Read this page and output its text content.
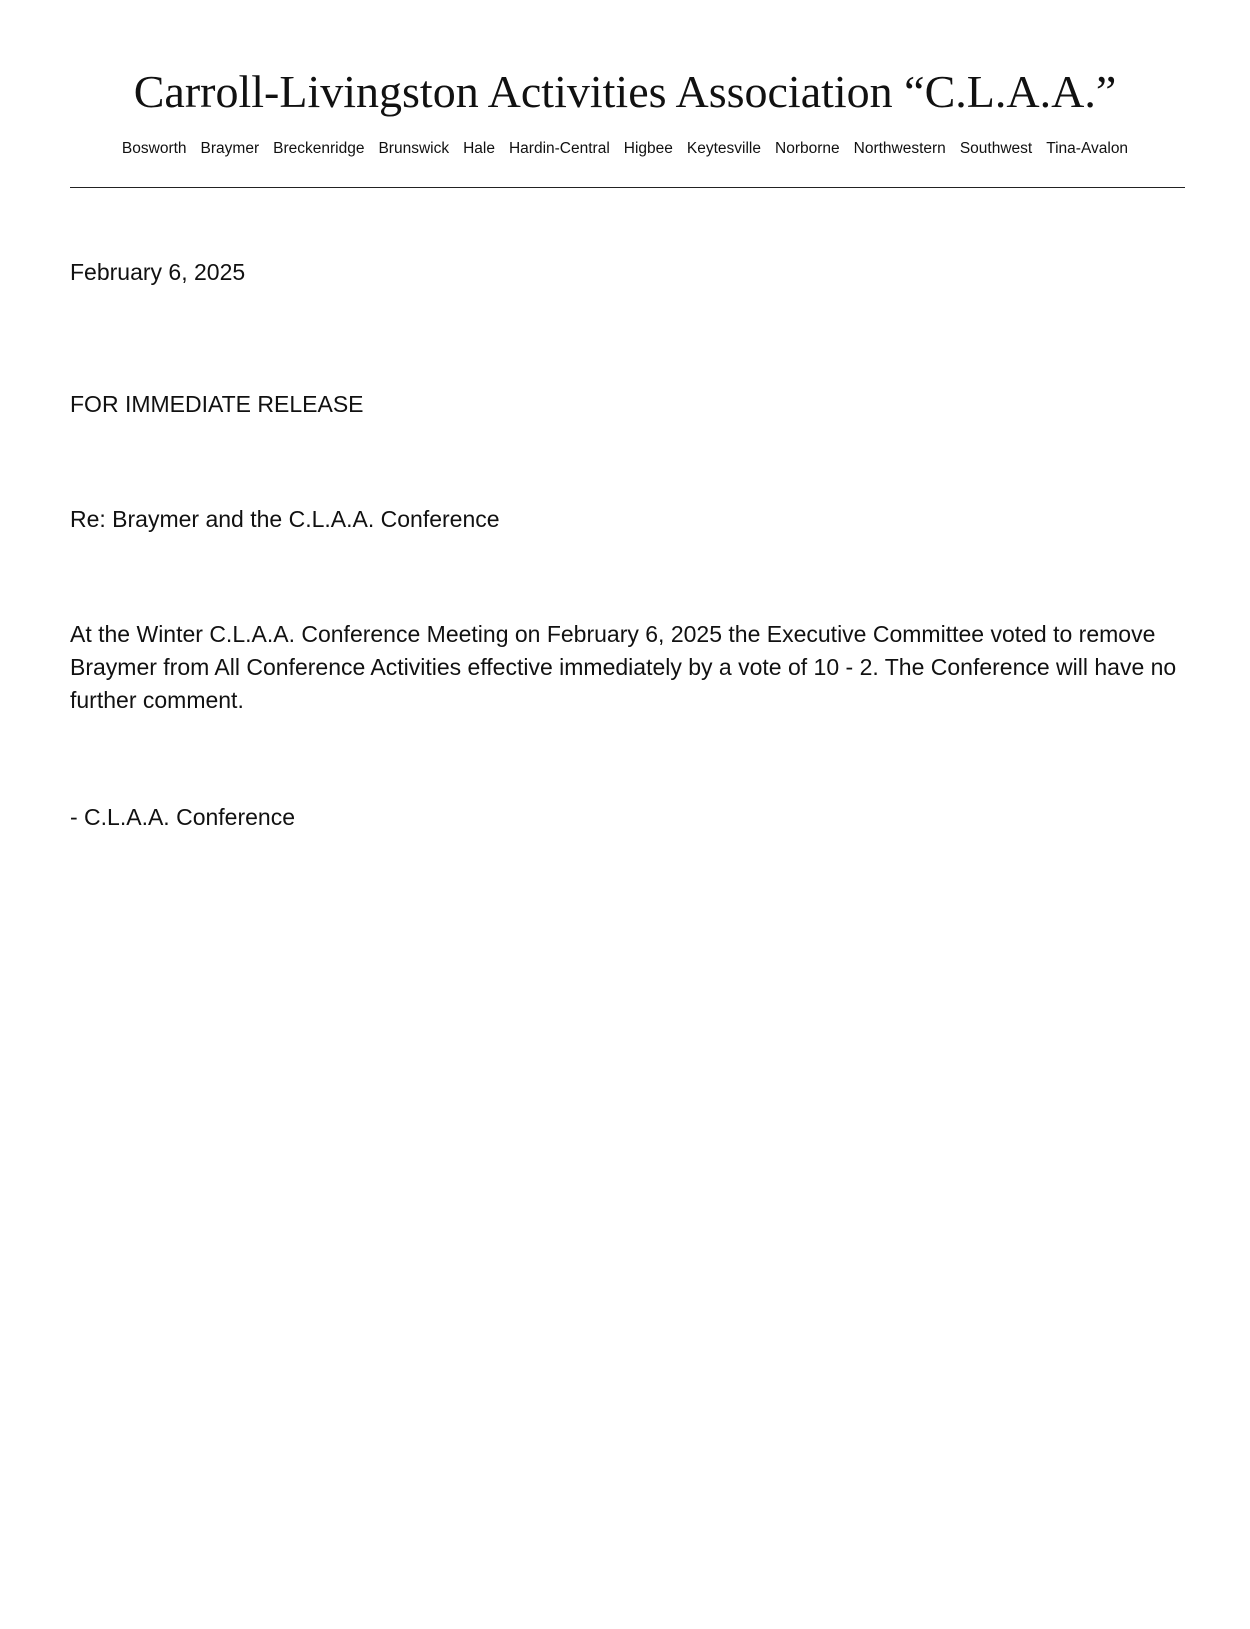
Carroll-Livingston Activities Association “C.L.A.A.”
Bosworth Braymer Breckenridge Brunswick Hale Hardin-Central Higbee Keytesville Norborne Northwestern Southwest Tina-Avalon

February 6, 2025

FOR IMMEDIATE RELEASE

Re: Braymer and the C.L.A.A. Conference

At the Winter C.L.A.A. Conference Meeting on February 6, 2025 the Executive Committee voted to remove Braymer from All Conference Activities effective immediately by a vote of 10 - 2. The Conference will have no further comment.

- C.L.A.A. Conference
